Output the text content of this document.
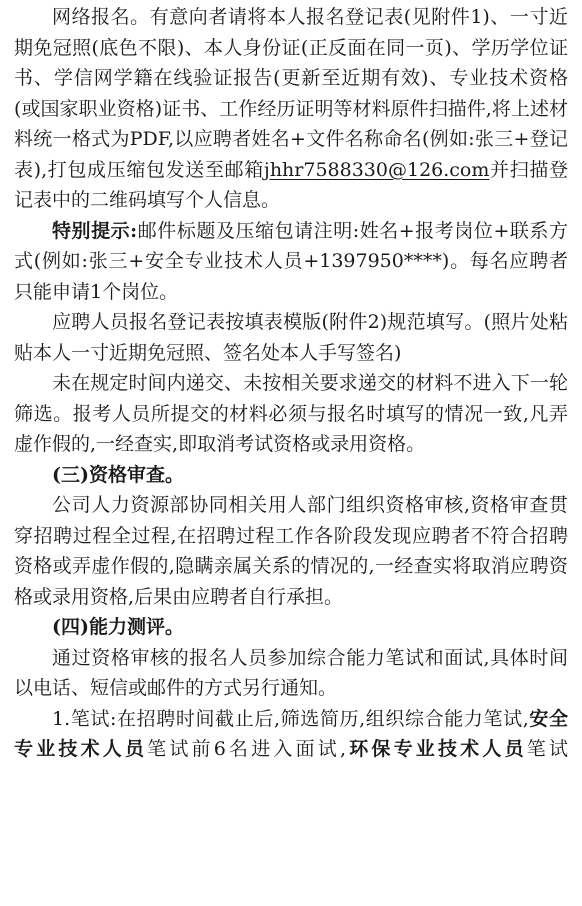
网络报名。有意向者请将本人报名登记表(见附件1)、一寸近期免冠照(底色不限)、本人身份证(正反面在同一页)、学历学位证书、学信网学籍在线验证报告(更新至近期有效)、专业技术资格(或国家职业资格)证书、工作经历证明等材料原件扫描件,将上述材料统一格式为PDF,以应聘者姓名+文件名称命名(例如:张三+登记表),打包成压缩包发送至邮箱jhhr7588330@126.com并扫描登记表中的二维码填写个人信息。

特别提示:邮件标题及压缩包请注明:姓名+报考岗位+联系方式(例如:张三+安全专业技术人员+1397950****)。每名应聘者只能申请1个岗位。

应聘人员报名登记表按填表模版(附件2)规范填写。(照片处粘贴本人一寸近期免冠照、签名处本人手写签名)

未在规定时间内递交、未按相关要求递交的材料不进入下一轮筛选。报考人员所提交的材料必须与报名时填写的情况一致,凡弄虚作假的,一经查实,即取消考试资格或录用资格。

(三)资格审查。

公司人力资源部协同相关用人部门组织资格审核,资格审查贯穿招聘过程全过程,在招聘过程工作各阶段发现应聘者不符合招聘资格或弄虚作假的,隐瞒亲属关系的情况的,一经查实将取消应聘资格或录用资格,后果由应聘者自行承担。

(四)能力测评。

通过资格审核的报名人员参加综合能力笔试和面试,具体时间以电话、短信或邮件的方式另行通知。

1.笔试:在招聘时间截止后,筛选简历,组织综合能力笔试,安全专业技术人员笔试前6名进入面试,环保专业技术人员笔试
